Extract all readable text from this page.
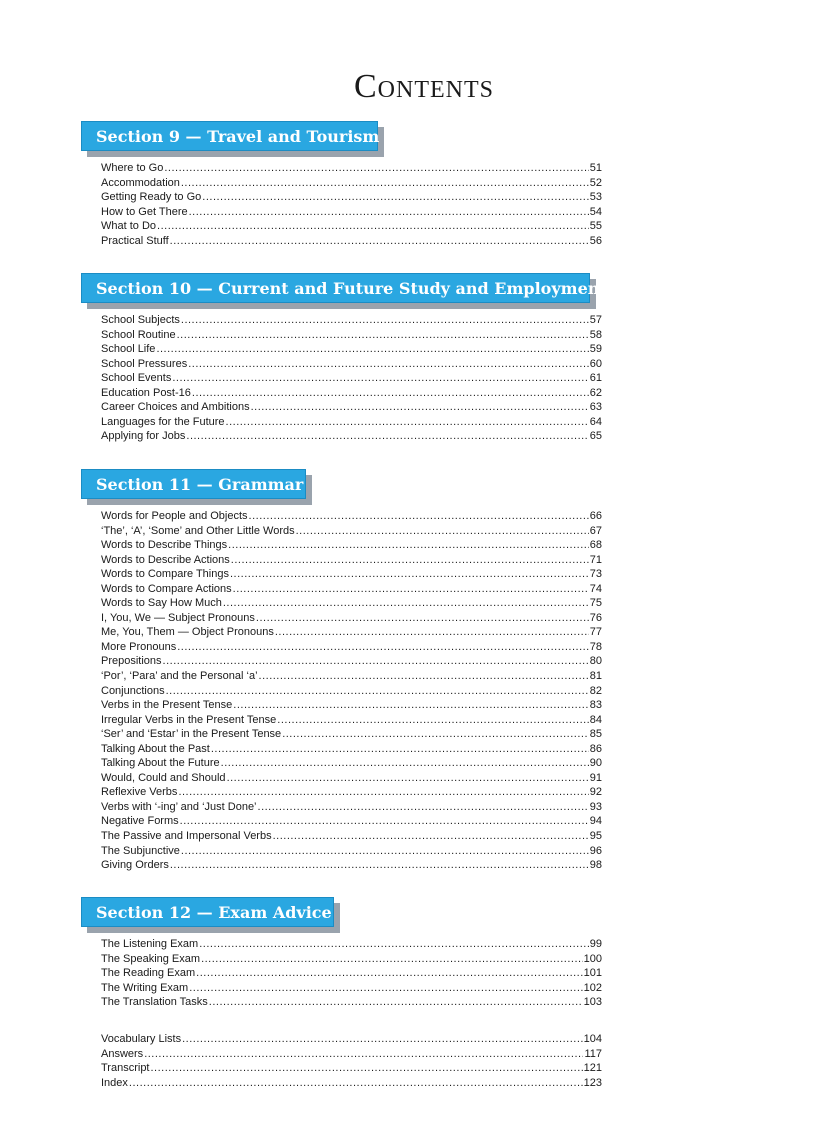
Contents
Section 9 — Travel and Tourism
Where to Go .....	51
Accommodation .....	52
Getting Ready to Go .....	53
How to Get There .....	54
What to Do .....	55
Practical Stuff .....	56
Section 10 — Current and Future Study and Employment
School Subjects .....	57
School Routine .....	58
School Life .....	59
School Pressures .....	60
School Events .....	61
Education Post-16 .....	62
Career Choices and Ambitions .....	63
Languages for the Future .....	64
Applying for Jobs .....	65
Section 11 — Grammar
Words for People and Objects .....	66
‘The’, ‘A’, ‘Some’ and Other Little Words .....	67
Words to Describe Things .....	68
Words to Describe Actions .....	71
Words to Compare Things .....	73
Words to Compare Actions .....	74
Words to Say How Much .....	75
I, You, We — Subject Pronouns .....	76
Me, You, Them — Object Pronouns .....	77
More Pronouns .....	78
Prepositions .....	80
‘Por’, ‘Para’ and the Personal ‘a’ .....	81
Conjunctions .....	82
Verbs in the Present Tense .....	83
Irregular Verbs in the Present Tense .....	84
‘Ser’ and ‘Estar’ in the Present Tense .....	85
Talking About the Past .....	86
Talking About the Future .....	90
Would, Could and Should .....	91
Reflexive Verbs .....	92
Verbs with ‘-ing’ and ‘Just Done’ .....	93
Negative Forms .....	94
The Passive and Impersonal Verbs .....	95
The Subjunctive .....	96
Giving Orders .....	98
Section 12 — Exam Advice
The Listening Exam .....	99
The Speaking Exam .....	100
The Reading Exam .....	101
The Writing Exam .....	102
The Translation Tasks .....	103
Vocabulary Lists .....	104
Answers .....	117
Transcript .....	121
Index .....	123
